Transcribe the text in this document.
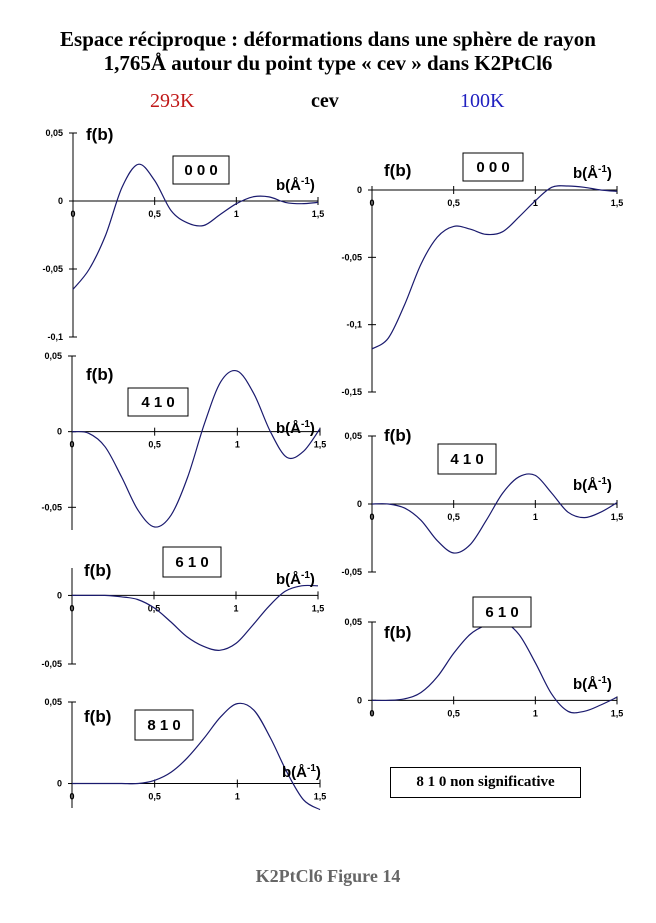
Espace réciproque : déformations dans une sphère de rayon
1,765Å autour du point type « cev » dans K2PtCl6
293K	cev	100K
0,05
0
-0,05
-0,1
0	0,5	1	1,5
f(b)
$b(Å^{-1})$
0 0 0
0
-0,05
-0,1
-0,15
0	0,5	1	1,5
f(b)	$b(Å^{-1})$
0 0 0
0,05
0
-0,05
0	0,5	1	1,5
f(b)
$b(Å^{-1})$
4 1 0
0,05
0
-0,05
0	0,5	1	1,5
f(b)
$b(Å^{-1})$
4 1 0
0
-0,05
0	0,5	1	1,5
f(b)	$b(Å^{-1})$
6 1 0
0,05
0
0	0,5	1	1,5
f(b)
$b(Å^{-1})$
6 1 0
0,05
0
0	0,5	1	1,5
f(b)
$b(Å^{-1})$
8 1 0
8 1 0 non significative
K2PtCl6 Figure 14
